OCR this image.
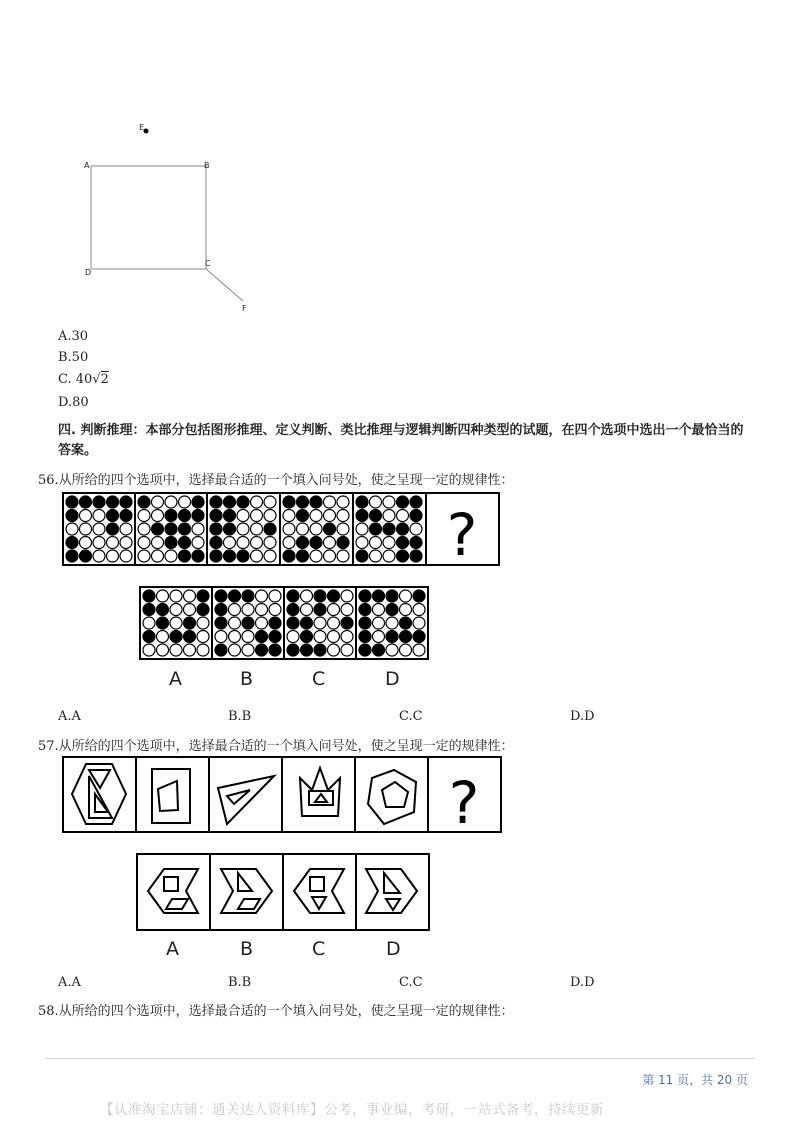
E
A	B
C
D
F
A.30
B.50
C. 40√2
D.80
四. 判断推理：本部分包括图形推理、定义判断、类比推理与逻辑判断四种类型的试题，在四个选项中选出一个最恰当的答案。
56.从所给的四个选项中，选择最合适的一个填入问号处，使之呈现一定的规律性：
?
A	B	C	D
A.A	B.B	C.C	D.D
57.从所给的四个选项中，选择最合适的一个填入问号处，使之呈现一定的规律性：
?
A	B	C	D
A.A	B.B	C.C	D.D
58.从所给的四个选项中，选择最合适的一个填入问号处，使之呈现一定的规律性：
第 11 页，共 20 页
【认准淘宝店铺：通关达人资料库】公考，事业编，考研，一站式备考，持续更新
